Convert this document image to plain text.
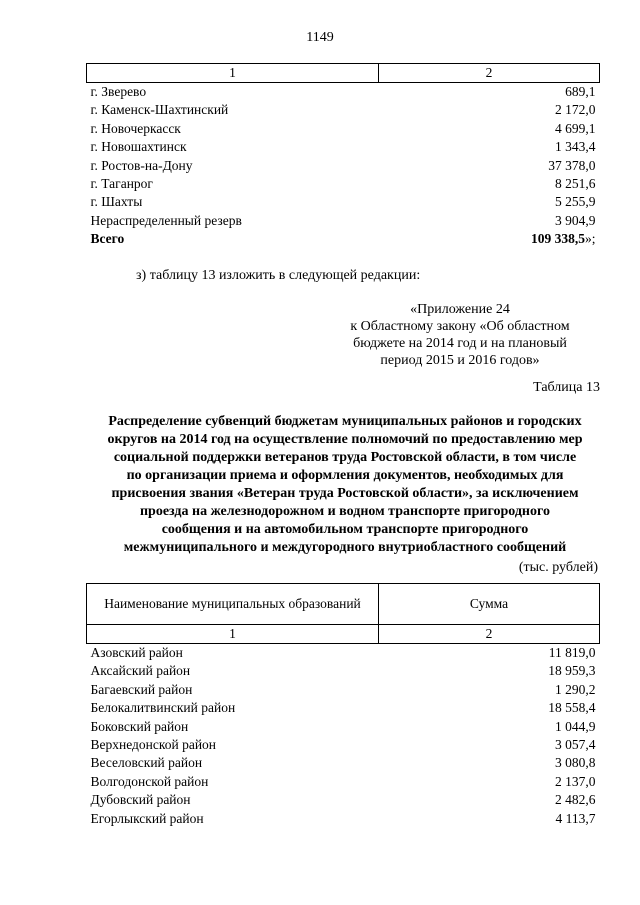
1149
1	2
г. Зверево	689,1
г. Каменск-Шахтинский	2 172,0
г. Новочеркасск	4 699,1
г. Новошахтинск	1 343,4
г. Ростов-на-Дону	37 378,0
г. Таганрог	8 251,6
г. Шахты	5 255,9
Нераспределенный резерв	3 904,9
Всего	109 338,5»;
з) таблицу 13 изложить в следующей редакции:
«Приложение 24
к Областному закону «Об областном
бюджете на 2014 год и на плановый
период 2015 и 2016 годов»
Таблица 13
Распределение субвенций бюджетам муниципальных районов и городских
округов на 2014 год на осуществление полномочий по предоставлению мер
социальной поддержки ветеранов труда Ростовской области, в том числе
по организации приема и оформления документов, необходимых для
присвоения звания «Ветеран труда Ростовской области», за исключением
проезда на железнодорожном и водном транспорте пригородного
сообщения и на автомобильном транспорте пригородного
межмуниципального и междугородного внутриобластного сообщений
(тыс. рублей)
Наименование муниципальных образований	Сумма
1	2
Азовский район	11 819,0
Аксайский район	18 959,3
Багаевский район	1 290,2
Белокалитвинский район	18 558,4
Боковский район	1 044,9
Верхнедонской район	3 057,4
Веселовский район	3 080,8
Волгодонской район	2 137,0
Дубовский район	2 482,6
Егорлыкский район	4 113,7
